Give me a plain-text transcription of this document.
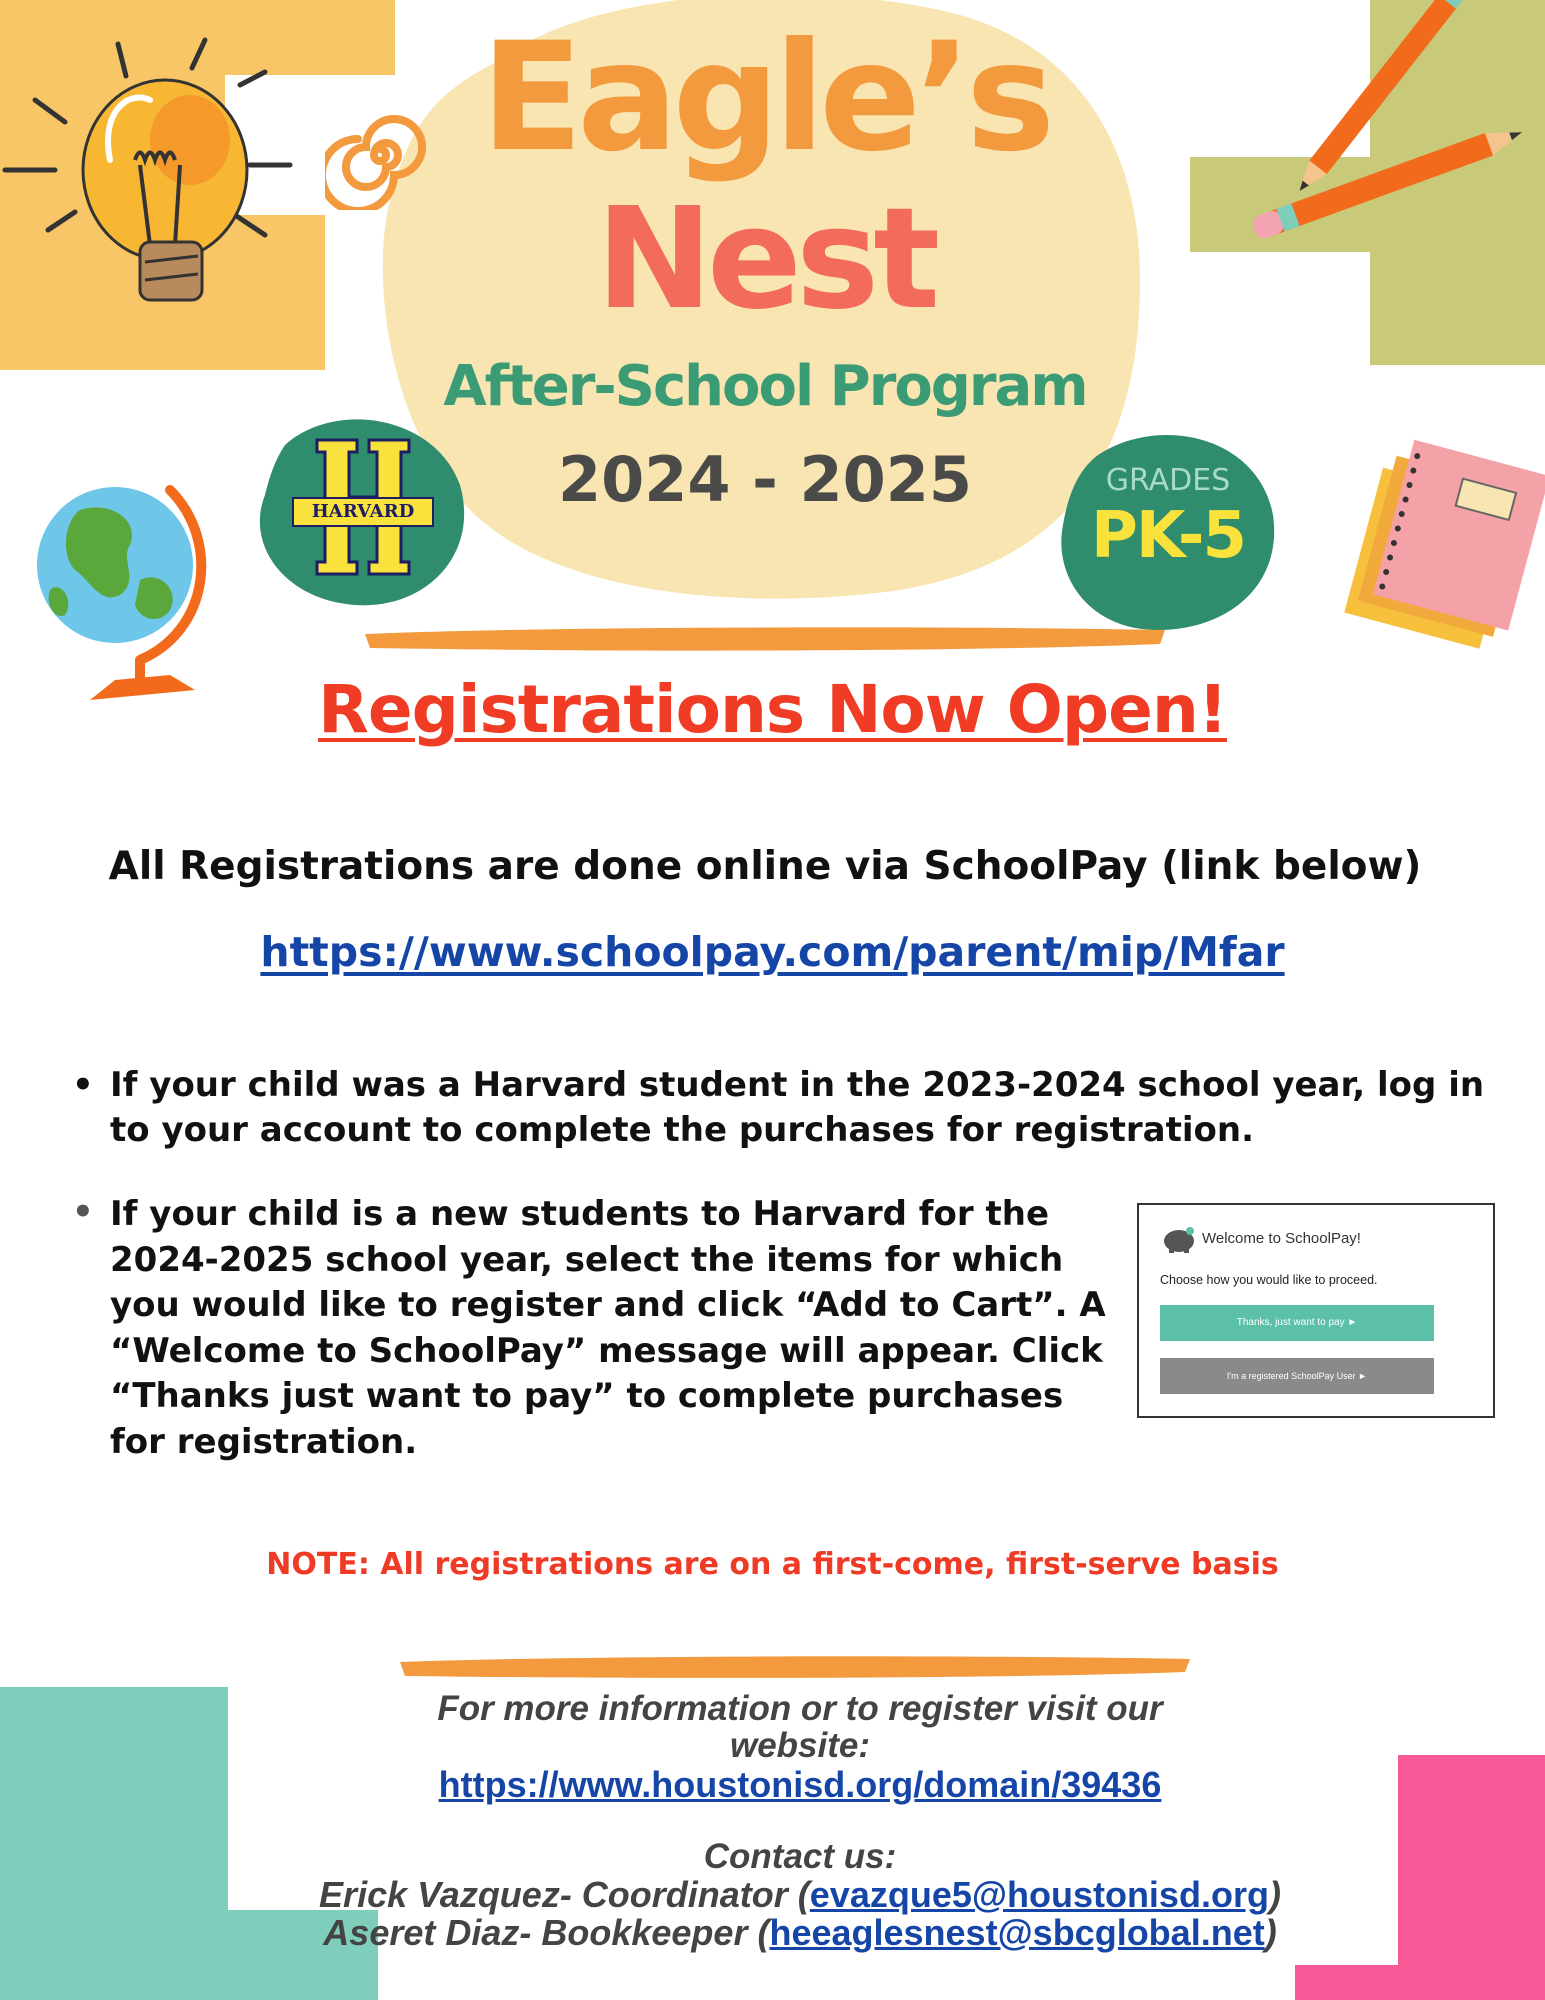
Eagle’s
Nest
After-School Program
2024 - 2025
HARVARD
GRADES
PK-5
Registrations Now Open!
All Registrations are done online via SchoolPay (link below)
https://www.schoolpay.com/parent/mip/Mfar
• If your child was a Harvard student in the 2023-2024 school year, log in to your account to complete the purchases for registration.
• If your child is a new students to Harvard for the 2024-2025 school year, select the items for which you would like to register and click “Add to Cart”. A “Welcome to SchoolPay” message will appear. Click “Thanks just want to pay” to complete purchases for registration.
Welcome to SchoolPay!
Choose how you would like to proceed.
Thanks, just want to pay ►
I'm a registered SchoolPay User ►
NOTE: All registrations are on a first-come, first-serve basis
For more information or to register visit our
website:
https://www.houstonisd.org/domain/39436
Contact us:
Erick Vazquez- Coordinator (evazque5@houstonisd.org)
Aseret Diaz- Bookkeeper (heeaglesnest@sbcglobal.net)
